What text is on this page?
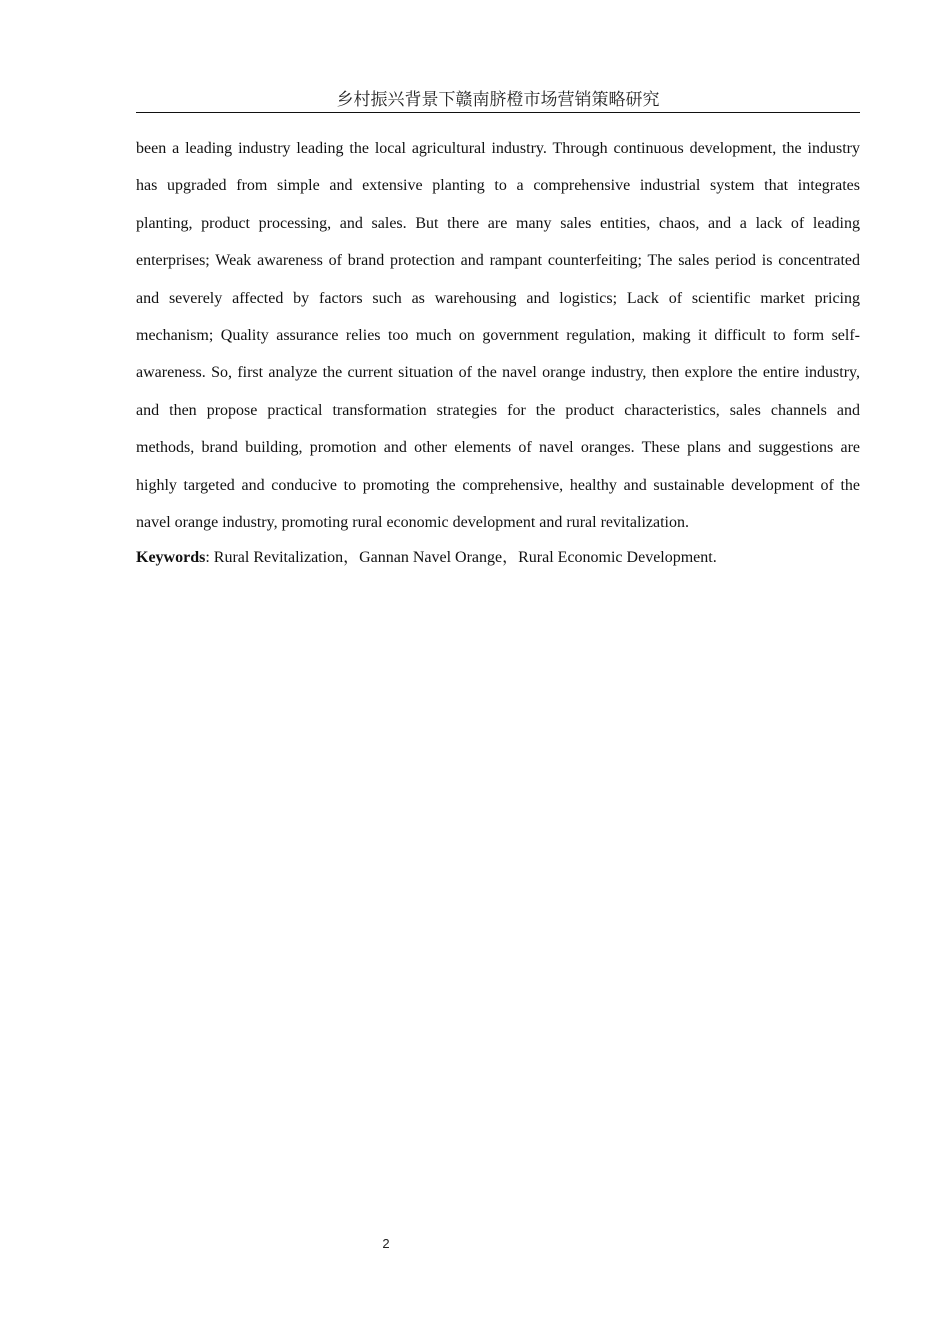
乡村振兴背景下赣南脐橙市场营销策略研究
been a leading industry leading the local agricultural industry. Through continuous development, the industry
has upgraded from simple and extensive planting to a comprehensive industrial system that integrates
planting, product processing, and sales. But there are many sales entities, chaos, and a lack of leading
enterprises; Weak awareness of brand protection and rampant counterfeiting; The sales period is concentrated
and severely affected by factors such as warehousing and logistics; Lack of scientific market pricing
mechanism; Quality assurance relies too much on government regulation, making it difficult to form self-
awareness. So, first analyze the current situation of the navel orange industry, then explore the entire industry,
and then propose practical transformation strategies for the product characteristics, sales channels and
methods, brand building, promotion and other elements of navel oranges. These plans and suggestions are
highly targeted and conducive to promoting the comprehensive, healthy and sustainable development of the
navel orange industry, promoting rural economic development and rural revitalization.
Keywords: Rural Revitalization，Gannan Navel Orange，Rural Economic Development.
2
